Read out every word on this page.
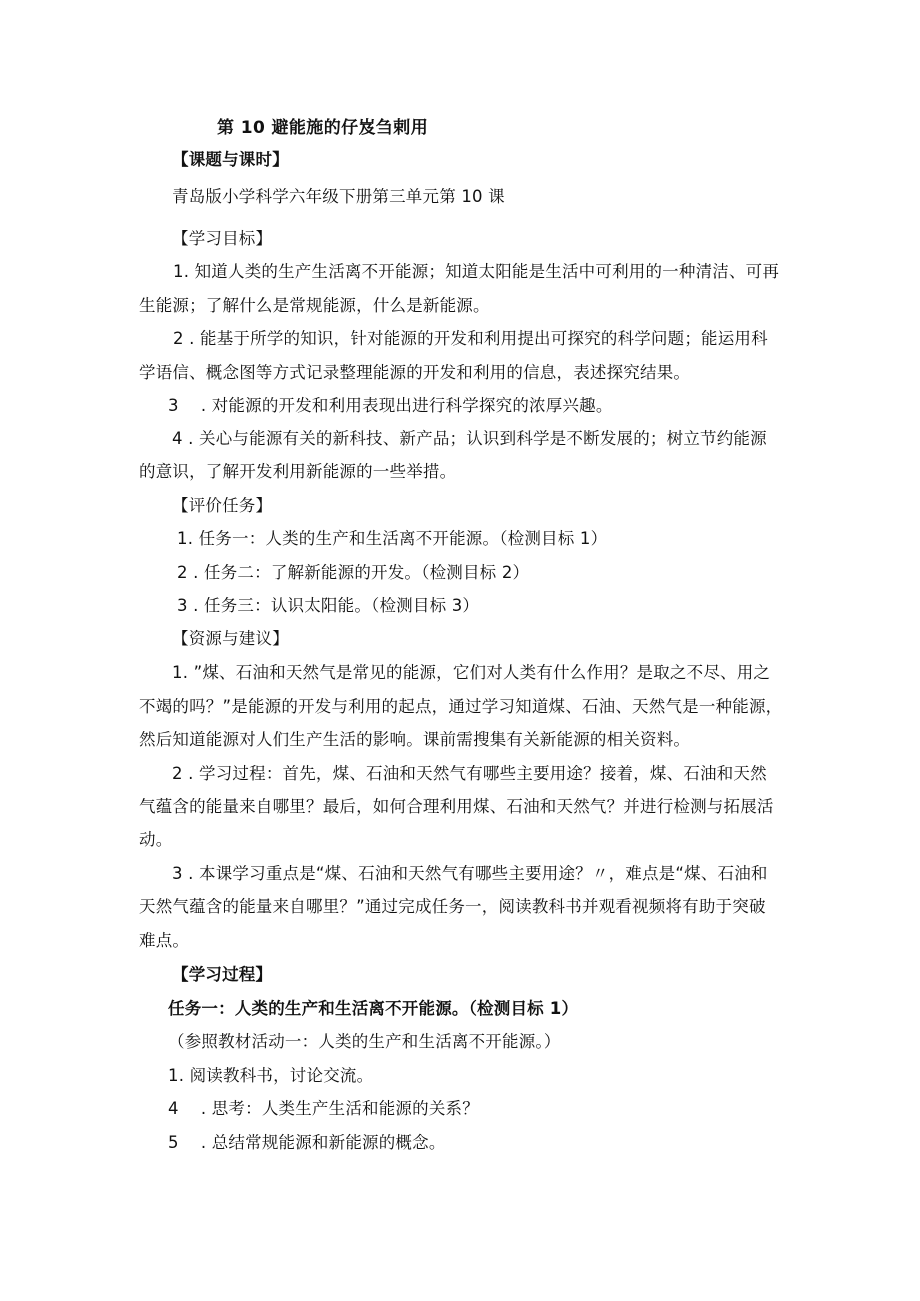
第 10 避能施的仔岌刍剌用
【课题与课时】
青岛版小学科学六年级下册第三单元第 10 课
【学习目标】
1. 知道人类的生产生活离不开能源；知道太阳能是生活中可利用的一种清洁、可再
生能源；了解什么是常规能源，什么是新能源。
2 . 能基于所学的知识，针对能源的开发和利用提出可探究的科学问题；能运用科
学语信、概念图等方式记录整理能源的开发和利用的信息，表述探究结果。
3　 . 对能源的开发和利用表现出进行科学探究的浓厚兴趣。
4 . 关心与能源有关的新科技、新产品；认识到科学是不断发展的；树立节约能源
的意识，了解开发利用新能源的一些举措。
【评价任务】
1. 任务一：人类的生产和生活离不开能源。（检测目标 1）
2 . 任务二：了解新能源的开发。（检测目标 2）
3 . 任务三：认识太阳能。（检测目标 3）
【资源与建议】
1. ”煤、石油和天然气是常见的能源，它们对人类有什么作用？是取之不尽、用之
不竭的吗？”是能源的开发与利用的起点，通过学习知道煤、石油、天然气是一种能源，
然后知道能源对人们生产生活的影响。课前需搜集有关新能源的相关资料。
2 . 学习过程：首先，煤、石油和天然气有哪些主要用途？接着，煤、石油和天然
气蕴含的能量来自哪里？最后，如何合理利用煤、石油和天然气？并进行检测与拓展活
动。
3 . 本课学习重点是“煤、石油和天然气有哪些主要用途？〃，难点是“煤、石油和
天然气蕴含的能量来自哪里？”通过完成任务一，阅读教科书并观看视频将有助于突破
难点。
【学习过程】
任务一：人类的生产和生活离不开能源。（检测目标 1）
（参照教材活动一：人类的生产和生活离不开能源。）
1. 阅读教科书，讨论交流。
4　 . 思考：人类生产生活和能源的关系？
5　 . 总结常规能源和新能源的概念。
